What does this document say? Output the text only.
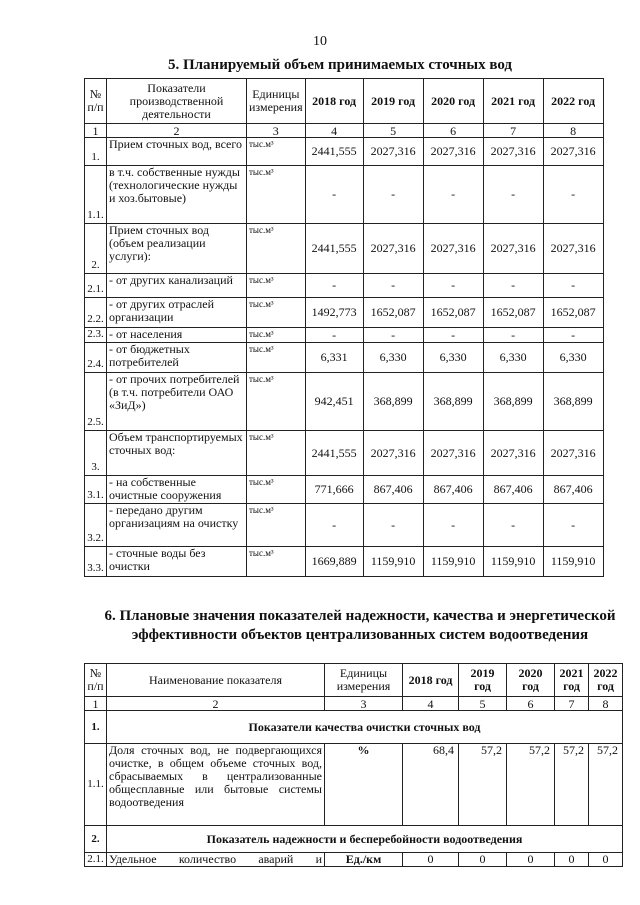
10
5. Планируемый объем принимаемых сточных вод
№ п/п	Показатели производственной деятельности	Единицы измерения	2018 год	2019 год	2020 год	2021 год	2022 год
1	2	3	4	5	6	7	8
1.	Прием сточных вод, всего	тыс.м³	2441,555	2027,316	2027,316	2027,316	2027,316
1.1.	в т.ч. собственные нужды (технологические нужды и хоз.бытовые)	тыс.м³	-	-	-	-	-
2.	Прием сточных вод (объем реализации услуги):	тыс.м³	2441,555	2027,316	2027,316	2027,316	2027,316
2.1.	- от других канализаций	тыс.м³	-	-	-	-	-
2.2.	- от других отраслей организации	тыс.м³	1492,773	1652,087	1652,087	1652,087	1652,087
2.3.	- от населения	тыс.м³	-	-	-	-	-
2.4.	- от бюджетных потребителей	тыс.м³	6,331	6,330	6,330	6,330	6,330
2.5.	- от прочих потребителей (в т.ч. потребители ОАО «ЗиД»)	тыс.м³	942,451	368,899	368,899	368,899	368,899
3.	Объем транспортируемых сточных вод:	тыс.м³	2441,555	2027,316	2027,316	2027,316	2027,316
3.1.	- на собственные очистные сооружения	тыс.м³	771,666	867,406	867,406	867,406	867,406
3.2.	- передано другим организациям на очистку	тыс.м³	-	-	-	-	-
3.3.	- сточные воды без очистки	тыс.м³	1669,889	1159,910	1159,910	1159,910	1159,910
6. Плановые значения показателей надежности, качества и энергетической эффективности объектов централизованных систем водоотведения
№ п/п	Наименование показателя	Единицы измерения	2018 год	2019 год	2020 год	2021 год	2022 год
1	2	3	4	5	6	7	8
1.	Показатели качества очистки сточных вод						
1.1.	Доля сточных вод, не подвергающихся очистке, в общем объеме сточных вод, сбрасываемых в централизованные общесплавные или бытовые системы водоотведения	%	68,4	57,2	57,2	57,2	57,2
2.	Показатель надежности и бесперебойности водоотведения						
2.1.	Удельное количество аварий и	Ед./км	0	0	0	0	0
